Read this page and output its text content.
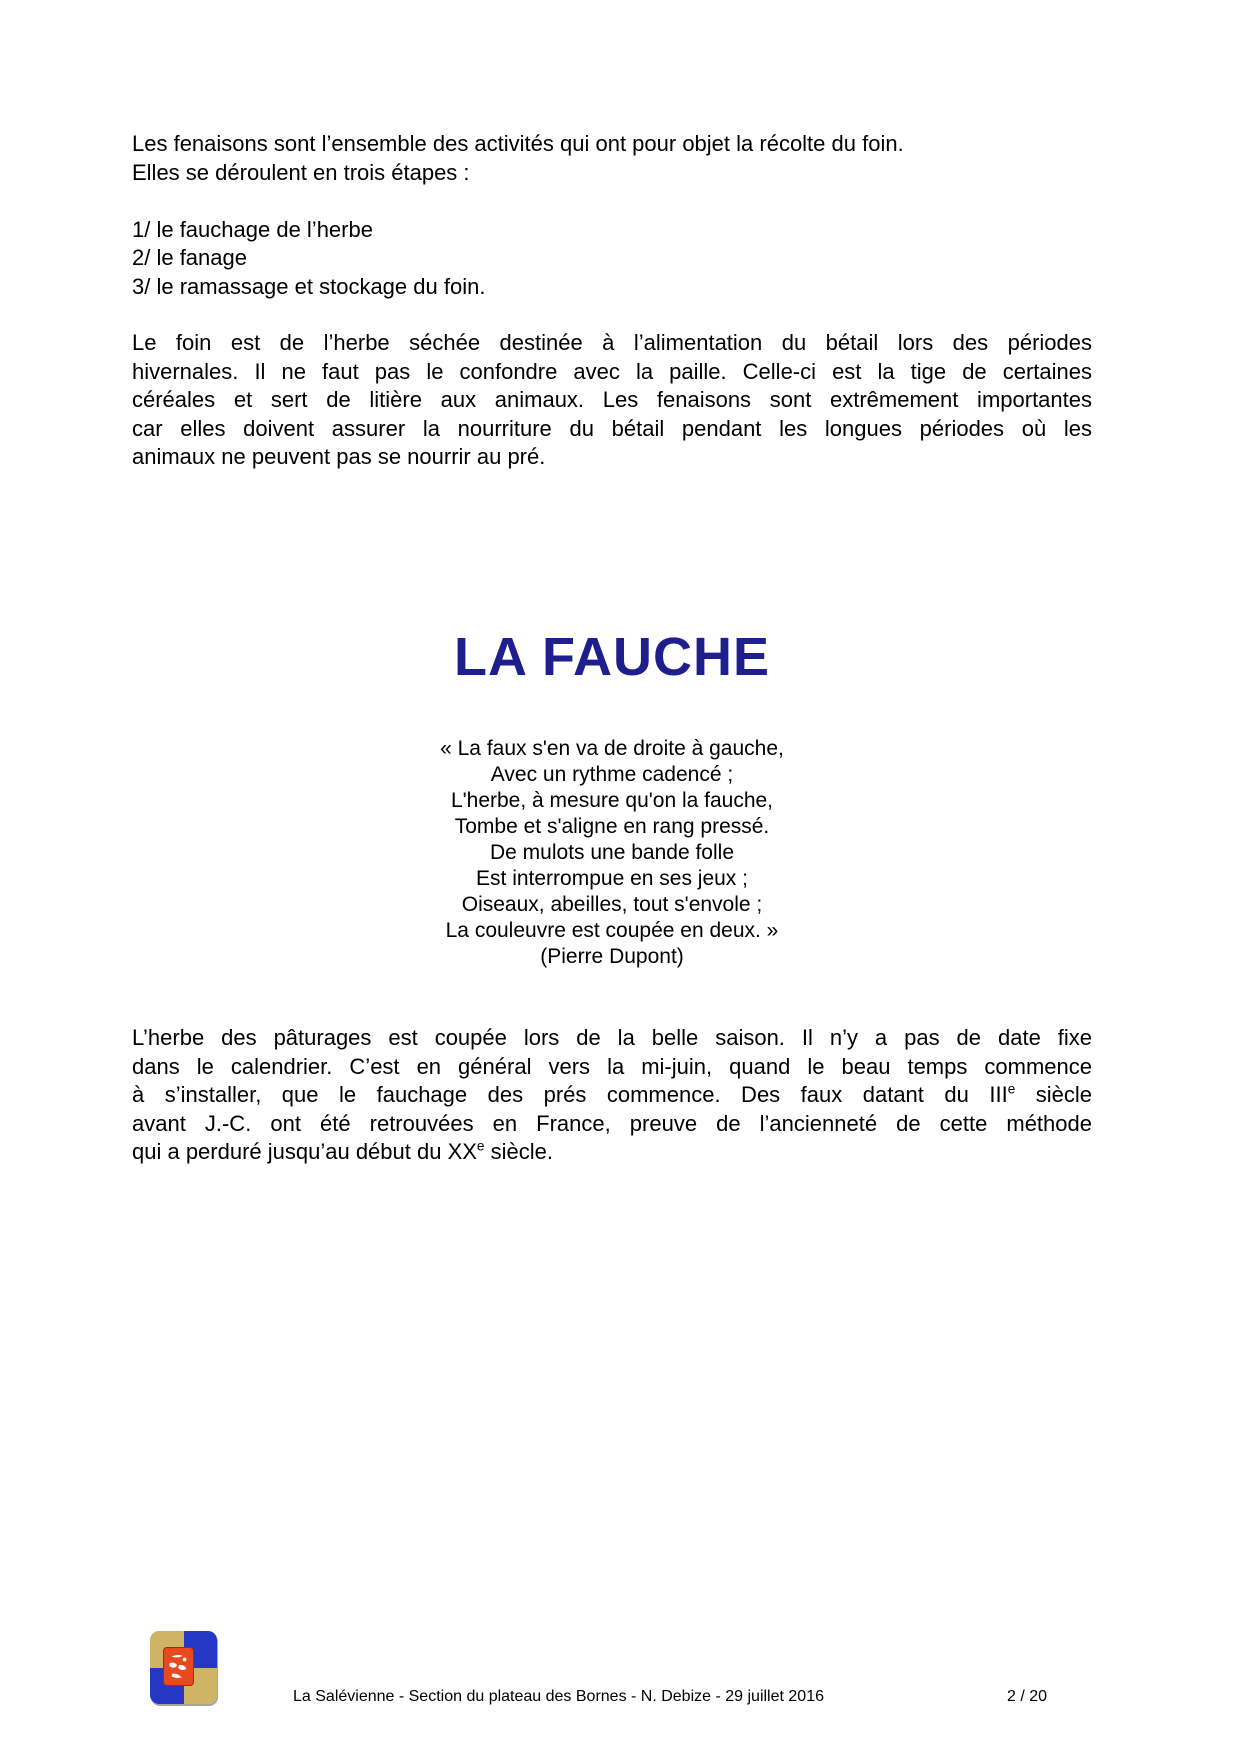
Les fenaisons sont l’ensemble des activités qui ont pour objet la récolte du foin.
Elles se déroulent en trois étapes :

1/ le fauchage de l’herbe
2/ le fanage
3/ le ramassage et stockage du foin.
Le foin est de l’herbe séchée destinée à l’alimentation du bétail lors des périodes
hivernales. Il ne faut pas le confondre avec la paille. Celle-ci est la tige de certaines
céréales et sert de litière aux animaux. Les fenaisons sont extrêmement importantes
car elles doivent assurer la nourriture du bétail pendant les longues périodes où les
animaux ne peuvent pas se nourrir au pré.
LA FAUCHE
« La faux s'en va de droite à gauche,
Avec un rythme cadencé ;
L'herbe, à mesure qu'on la fauche,
Tombe et s'aligne en rang pressé.
De mulots une bande folle
Est interrompue en ses jeux ;
Oiseaux, abeilles, tout s'envole ;
La couleuvre est coupée en deux. »
(Pierre Dupont)
L’herbe des pâturages est coupée lors de la belle saison. Il n’y a pas de date fixe
dans le calendrier. C’est en général vers la mi-juin, quand le beau temps commence
à s’installer, que le fauchage des prés commence. Des faux datant du IIIe siècle
avant J.-C. ont été retrouvées en France, preuve de l’ancienneté de cette méthode
qui a perduré jusqu’au début du XXe siècle.
La Salévienne - Section du plateau des Bornes - N. Debize - 29 juillet 2016	2 / 20
